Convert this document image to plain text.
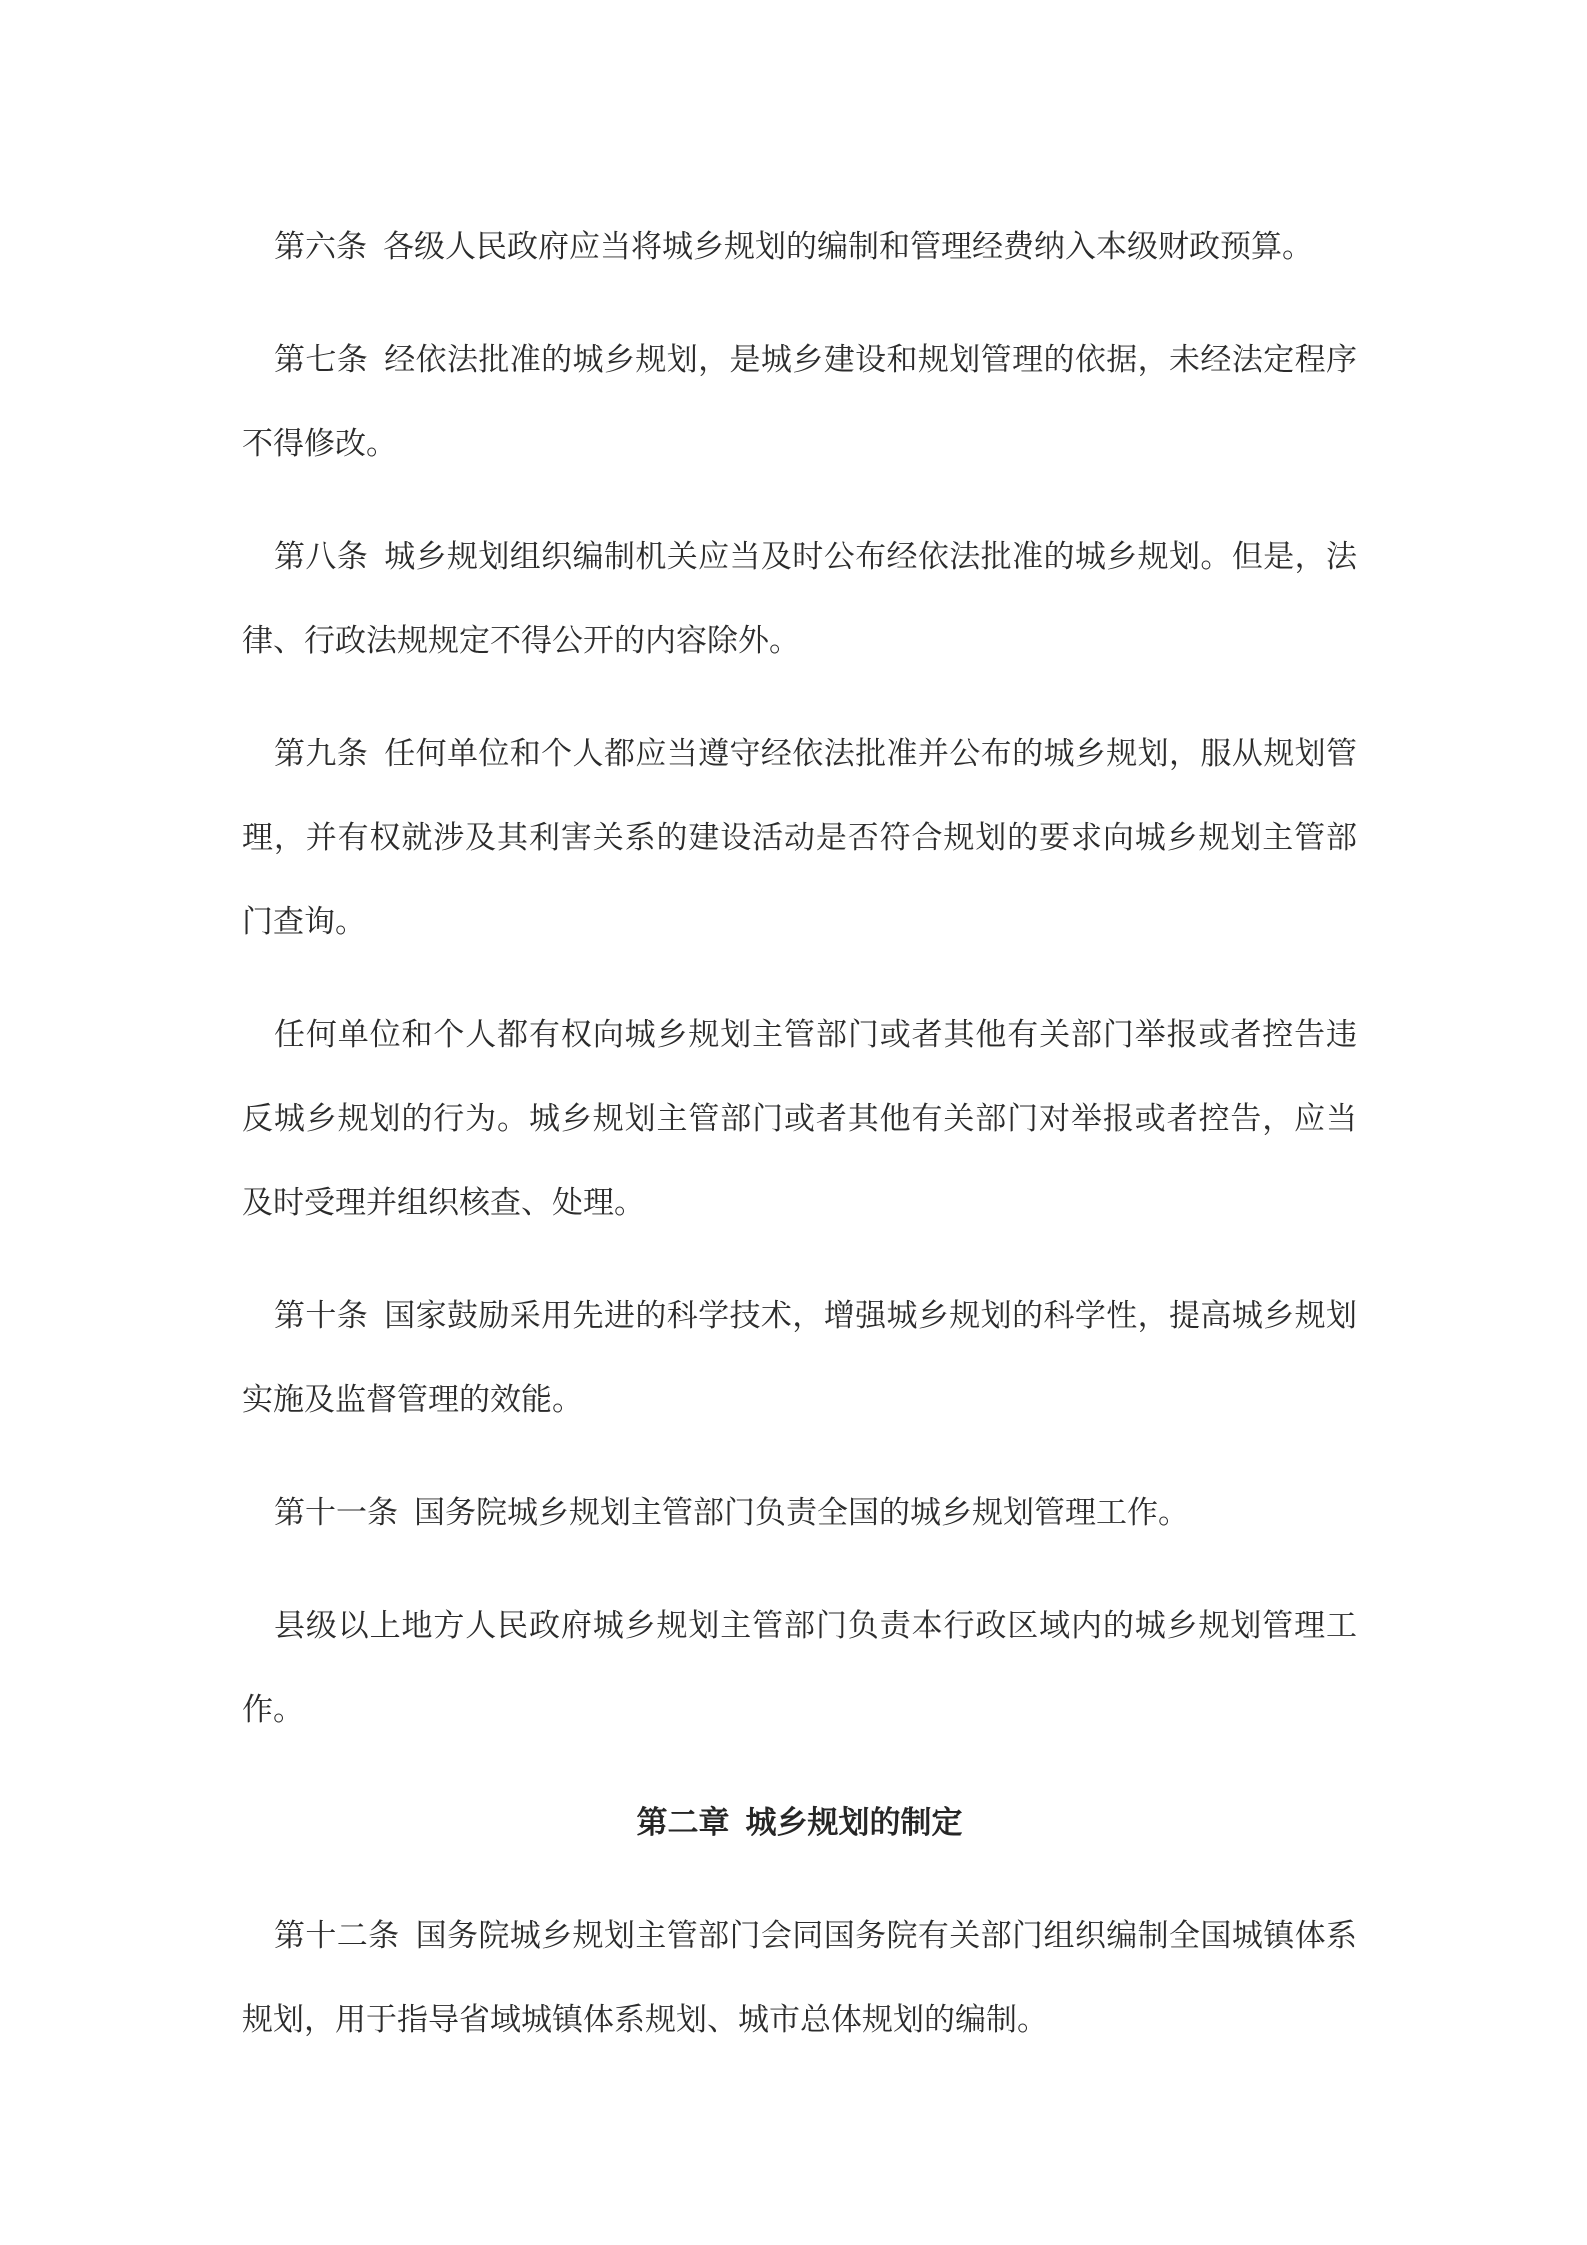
第六条 各级人民政府应当将城乡规划的编制和管理经费纳入本级财政预算。

第七条 经依法批准的城乡规划，是城乡建设和规划管理的依据，未经法定程序不得修改。

第八条 城乡规划组织编制机关应当及时公布经依法批准的城乡规划。但是，法律、行政法规规定不得公开的内容除外。

第九条 任何单位和个人都应当遵守经依法批准并公布的城乡规划，服从规划管理，并有权就涉及其利害关系的建设活动是否符合规划的要求向城乡规划主管部门查询。

任何单位和个人都有权向城乡规划主管部门或者其他有关部门举报或者控告违反城乡规划的行为。城乡规划主管部门或者其他有关部门对举报或者控告，应当及时受理并组织核查、处理。

第十条 国家鼓励采用先进的科学技术，增强城乡规划的科学性，提高城乡规划实施及监督管理的效能。

第十一条 国务院城乡规划主管部门负责全国的城乡规划管理工作。

县级以上地方人民政府城乡规划主管部门负责本行政区域内的城乡规划管理工作。

第二章 城乡规划的制定

第十二条 国务院城乡规划主管部门会同国务院有关部门组织编制全国城镇体系规划，用于指导省域城镇体系规划、城市总体规划的编制。
